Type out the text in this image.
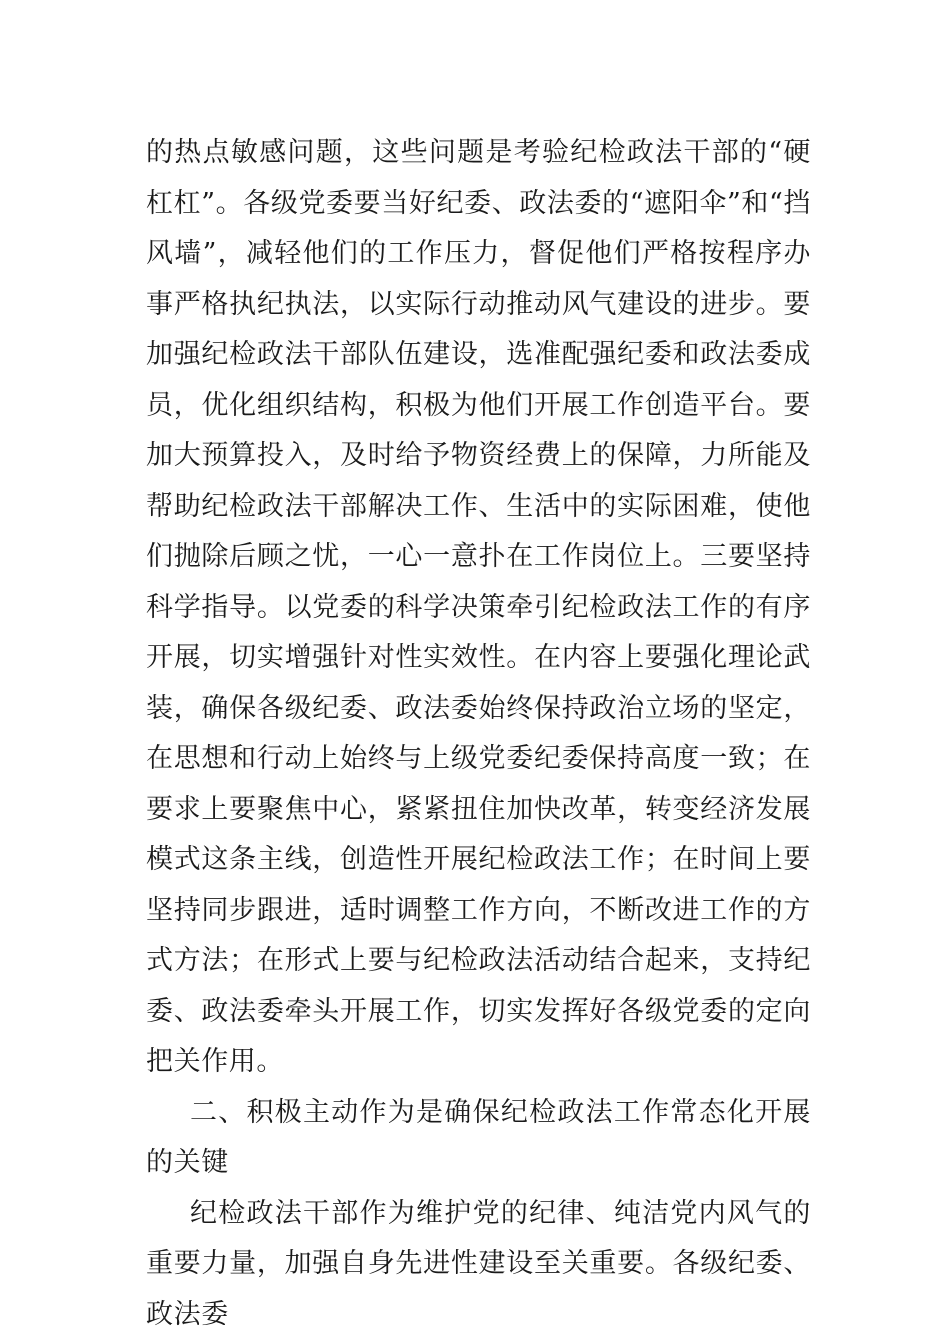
的热点敏感问题，这些问题是考验纪检政法干部的“硬杠杠”。各级党委要当好纪委、政法委的“遮阳伞”和“挡风墙”，减轻他们的工作压力，督促他们严格按程序办事严格执纪执法，以实际行动推动风气建设的进步。要加强纪检政法干部队伍建设，选准配强纪委和政法委成员，优化组织结构，积极为他们开展工作创造平台。要加大预算投入，及时给予物资经费上的保障，力所能及帮助纪检政法干部解决工作、生活中的实际困难，使他们抛除后顾之忧，一心一意扑在工作岗位上。三要坚持科学指导。以党委的科学决策牵引纪检政法工作的有序开展，切实增强针对性实效性。在内容上要强化理论武装，确保各级纪委、政法委始终保持政治立场的坚定，在思想和行动上始终与上级党委纪委保持高度一致；在要求上要聚焦中心，紧紧扭住加快改革，转变经济发展模式这条主线，创造性开展纪检政法工作；在时间上要坚持同步跟进，适时调整工作方向，不断改进工作的方式方法；在形式上要与纪检政法活动结合起来，支持纪委、政法委牵头开展工作，切实发挥好各级党委的定向把关作用。

二、积极主动作为是确保纪检政法工作常态化开展的关键

纪检政法干部作为维护党的纪律、纯洁党内风气的重要力量，加强自身先进性建设至关重要。各级纪委、政法委
